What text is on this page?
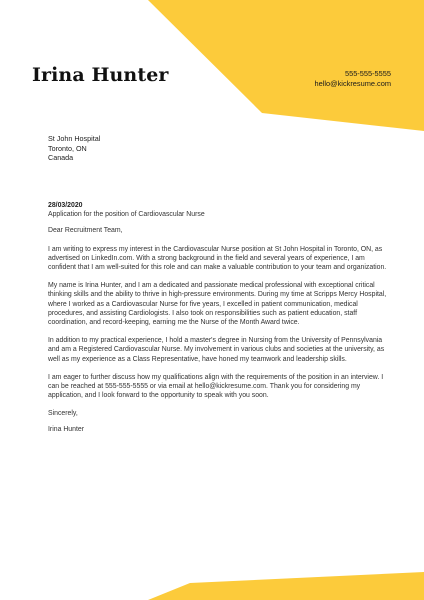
Irina Hunter	555-555-5555
hello@kickresume.com
St John Hospital
Toronto, ON
Canada
28/03/2020

Application for the position of Cardiovascular Nurse

Dear Recruitment Team,

I am writing to express my interest in the Cardiovascular Nurse position at St John Hospital in Toronto, ON, as advertised on LinkedIn.com. With a strong background in the field and several years of experience, I am confident that I am well-suited for this role and can make a valuable contribution to your team and organization.

My name is Irina Hunter, and I am a dedicated and passionate medical professional with exceptional critical thinking skills and the ability to thrive in high-pressure environments. During my time at Scripps Mercy Hospital, where I worked as a Cardiovascular Nurse for five years, I excelled in patient communication, medical procedures, and assisting Cardiologists. I also took on responsibilities such as patient education, staff coordination, and record-keeping, earning me the Nurse of the Month Award twice.

In addition to my practical experience, I hold a master's degree in Nursing from the University of Pennsylvania and am a Registered Cardiovascular Nurse. My involvement in various clubs and societies at the university, as well as my experience as a Class Representative, have honed my teamwork and leadership skills.

I am eager to further discuss how my qualifications align with the requirements of the position in an interview. I can be reached at 555-555-5555 or via email at hello@kickresume.com. Thank you for considering my application, and I look forward to the opportunity to speak with you soon.

Sincerely,

Irina Hunter
